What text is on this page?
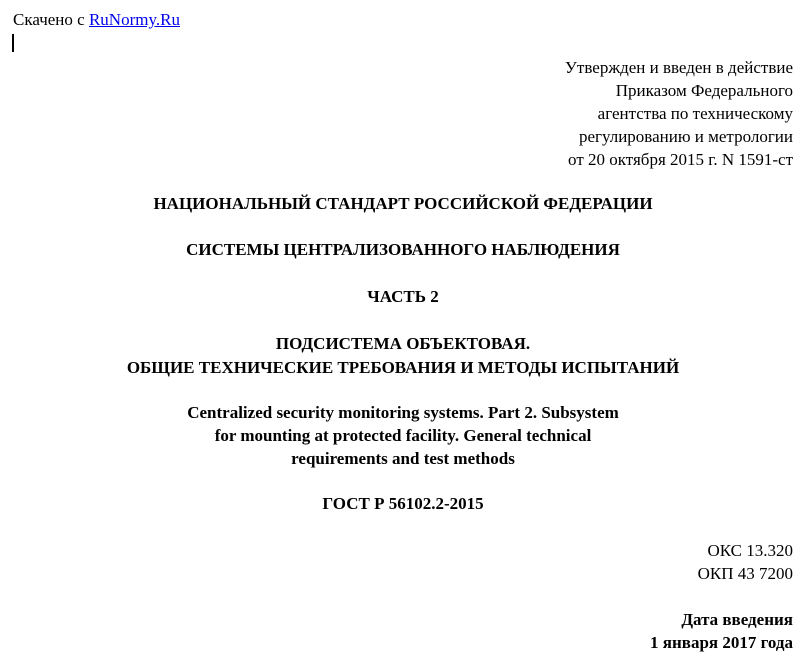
Скачено с RuNormy.Ru
Утвержден и введен в действие
Приказом Федерального
агентства по техническому
регулированию и метрологии
от 20 октября 2015 г. N 1591-ст
НАЦИОНАЛЬНЫЙ СТАНДАРТ РОССИЙСКОЙ ФЕДЕРАЦИИ
СИСТЕМЫ ЦЕНТРАЛИЗОВАННОГО НАБЛЮДЕНИЯ
ЧАСТЬ 2
ПОДСИСТЕМА ОБЪЕКТОВАЯ.
ОБЩИЕ ТЕХНИЧЕСКИЕ ТРЕБОВАНИЯ И МЕТОДЫ ИСПЫТАНИЙ
Centralized security monitoring systems. Part 2. Subsystem
for mounting at protected facility. General technical
requirements and test methods
ГОСТ Р 56102.2-2015
ОКС 13.320
ОКП 43 7200
Дата введения
1 января 2017 года
